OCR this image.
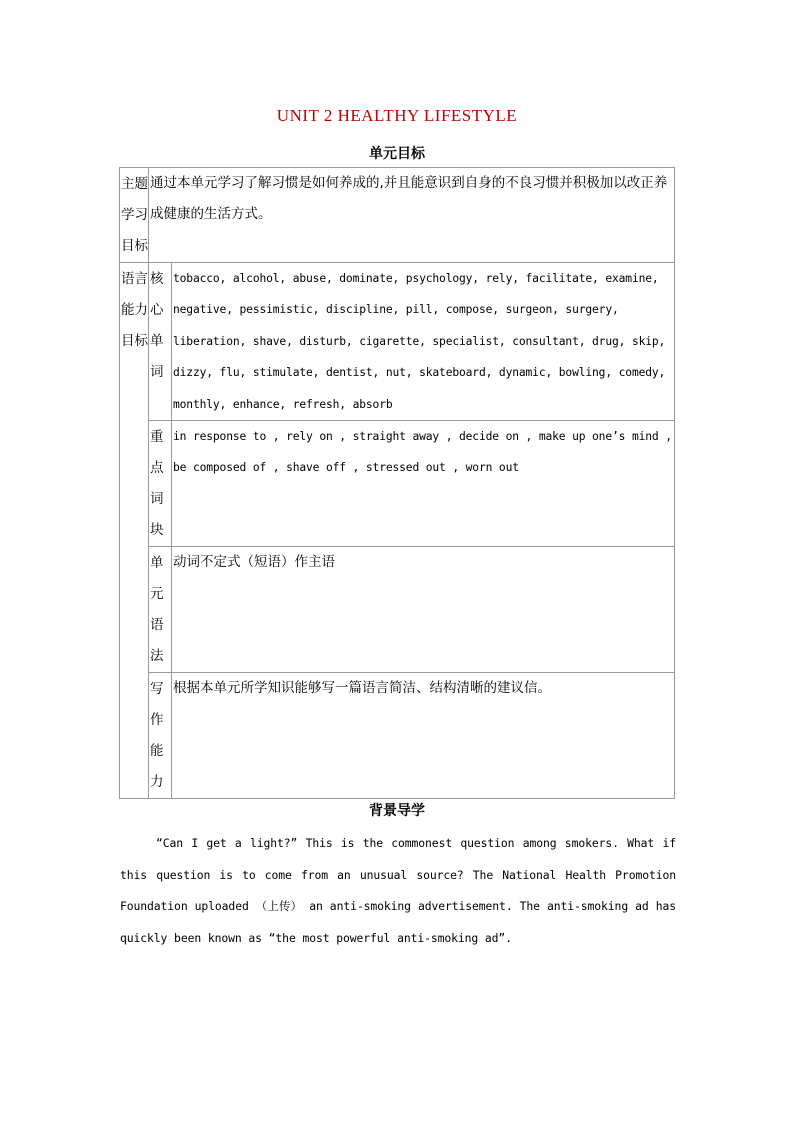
UNIT 2 HEALTHY LIFESTYLE
单元目标
主题学习目标	通过本单元学习了解习惯是如何养成的,并且能意识到自身的不良习惯并积极加以改正养成健康的生活方式。	
语言能力目标	核心单词	tobacco, alcohol, abuse, dominate, psychology, rely, facilitate, examine, negative, pessimistic, discipline, pill, compose, surgeon, surgery, liberation, shave, disturb, cigarette, specialist, consultant, drug, skip, dizzy, flu, stimulate, dentist, nut, skateboard, dynamic, bowling, comedy, monthly, enhance, refresh, absorb
	重点词块	in response to , rely on , straight away , decide on , make up one’s mind , be composed of , shave off , stressed out , worn out
	单元语法	动词不定式（短语）作主语
	写作能力	根据本单元所学知识能够写一篇语言简洁、结构清晰的建议信。
背景导学
“Can I get a light?” This is the commonest question among smokers. What if this question is to come from an unusual source? The National Health Promotion Foundation uploaded （上传） an anti-smoking advertisement. The anti-smoking ad has quickly been known as “the most powerful anti-smoking ad”.
